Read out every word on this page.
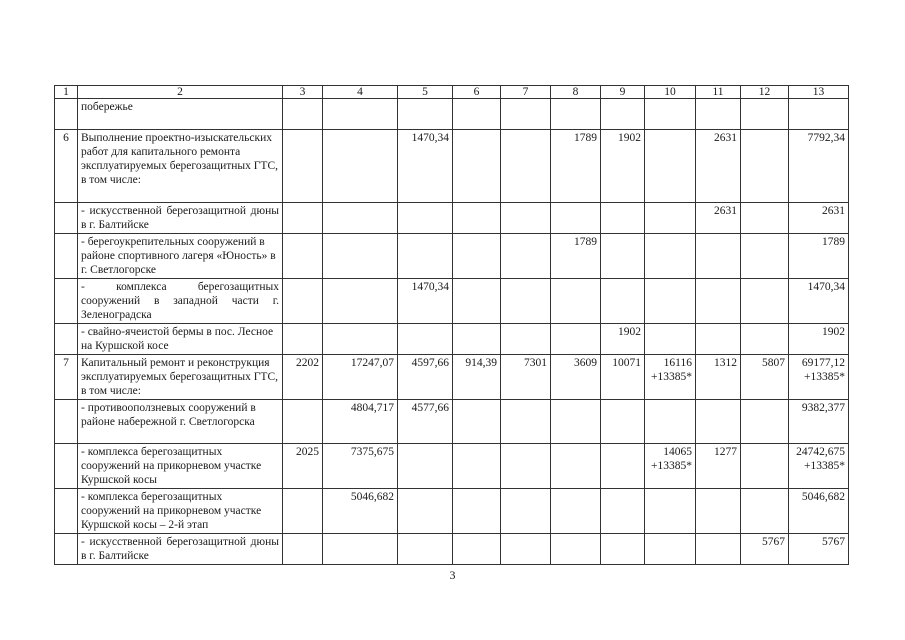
1	2	3	4	5	6	7	8	9	10	11	12	13
	побережье											
6	Выполнение проектно-изыскательских работ для капитального ремонта эксплуатируемых берегозащитных ГТС, в том числе:			1470,34			1789	1902		2631		7792,34
	- искусственной берегозащитной дюны в г. Балтийске									2631		2631
	- берегоукрепительных сооружений в районе спортивного лагеря «Юность» в г. Светлогорске						1789					1789
	- комплекса берегозащитных сооружений в западной части г. Зеленоградска			1470,34								1470,34
	- свайно-ячеистой бермы в пос. Лесное на Куршской косе							1902				1902
7	Капитальный ремонт и реконструкция эксплуатируемых берегозащитных ГТС, в том числе:	2202	17247,07	4597,66	914,39	7301	3609	10071	16116 +13385*	1312	5807	69177,12 +13385*
	- противооползневых сооружений в районе набережной г. Светлогорска		4804,717	4577,66								9382,377
	- комплекса берегозащитных сооружений на прикорневом участке Куршской косы	2025	7375,675						14065 +13385*	1277		24742,675 +13385*
	- комплекса берегозащитных сооружений на прикорневом участке Куршской косы – 2-й этап		5046,682									5046,682
	- искусственной берегозащитной дюны в г. Балтийске										5767	5767
3
